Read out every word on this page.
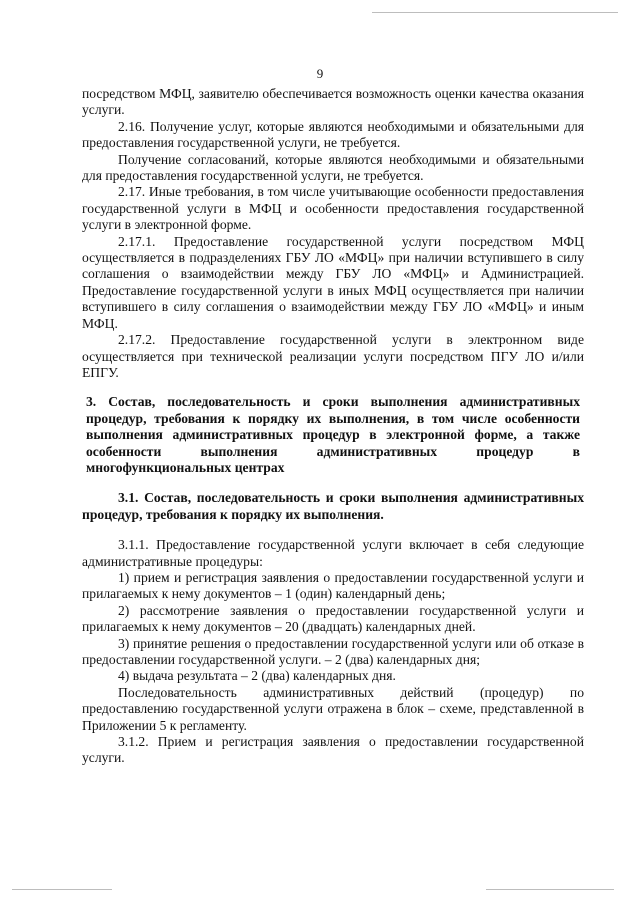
9

посредством МФЦ, заявителю обеспечивается возможность оценки качества оказания услуги.

2.16. Получение услуг, которые являются необходимыми и обязательными для предоставления государственной услуги, не требуется.

Получение согласований, которые являются необходимыми и обязательными для предоставления государственной услуги, не требуется.

2.17. Иные требования, в том числе учитывающие особенности предоставления государственной услуги в МФЦ и особенности предоставления государственной услуги в электронной форме.

2.17.1. Предоставление государственной услуги посредством МФЦ осуществляется в подразделениях ГБУ ЛО «МФЦ» при наличии вступившего в силу соглашения о взаимодействии между ГБУ ЛО «МФЦ» и Администрацией. Предоставление государственной услуги в иных МФЦ осуществляется при наличии вступившего в силу соглашения о взаимодействии между ГБУ ЛО «МФЦ» и иным МФЦ.

2.17.2. Предоставление государственной услуги в электронном виде осуществляется при технической реализации услуги посредством ПГУ ЛО и/или ЕПГУ.

3. Состав, последовательность и сроки выполнения административных процедур, требования к порядку их выполнения, в том числе особенности выполнения административных процедур в электронной форме, а также особенности выполнения административных процедур в многофункциональных центрах

3.1. Состав, последовательность и сроки выполнения административных процедур, требования к порядку их выполнения.

3.1.1. Предоставление государственной услуги включает в себя следующие административные процедуры:

1) прием и регистрация заявления о предоставлении государственной услуги и прилагаемых к нему документов – 1 (один) календарный день;

2) рассмотрение заявления о предоставлении государственной услуги и прилагаемых к нему документов – 20 (двадцать) календарных дней.

3) принятие решения о предоставлении государственной услуги или об отказе в предоставлении государственной услуги. – 2 (два) календарных дня;

4) выдача результата – 2 (два) календарных дня.

Последовательность административных действий (процедур) по предоставлению государственной услуги отражена в блок – схеме, представленной в Приложении 5 к регламенту.

3.1.2. Прием и регистрация заявления о предоставлении государственной услуги.
